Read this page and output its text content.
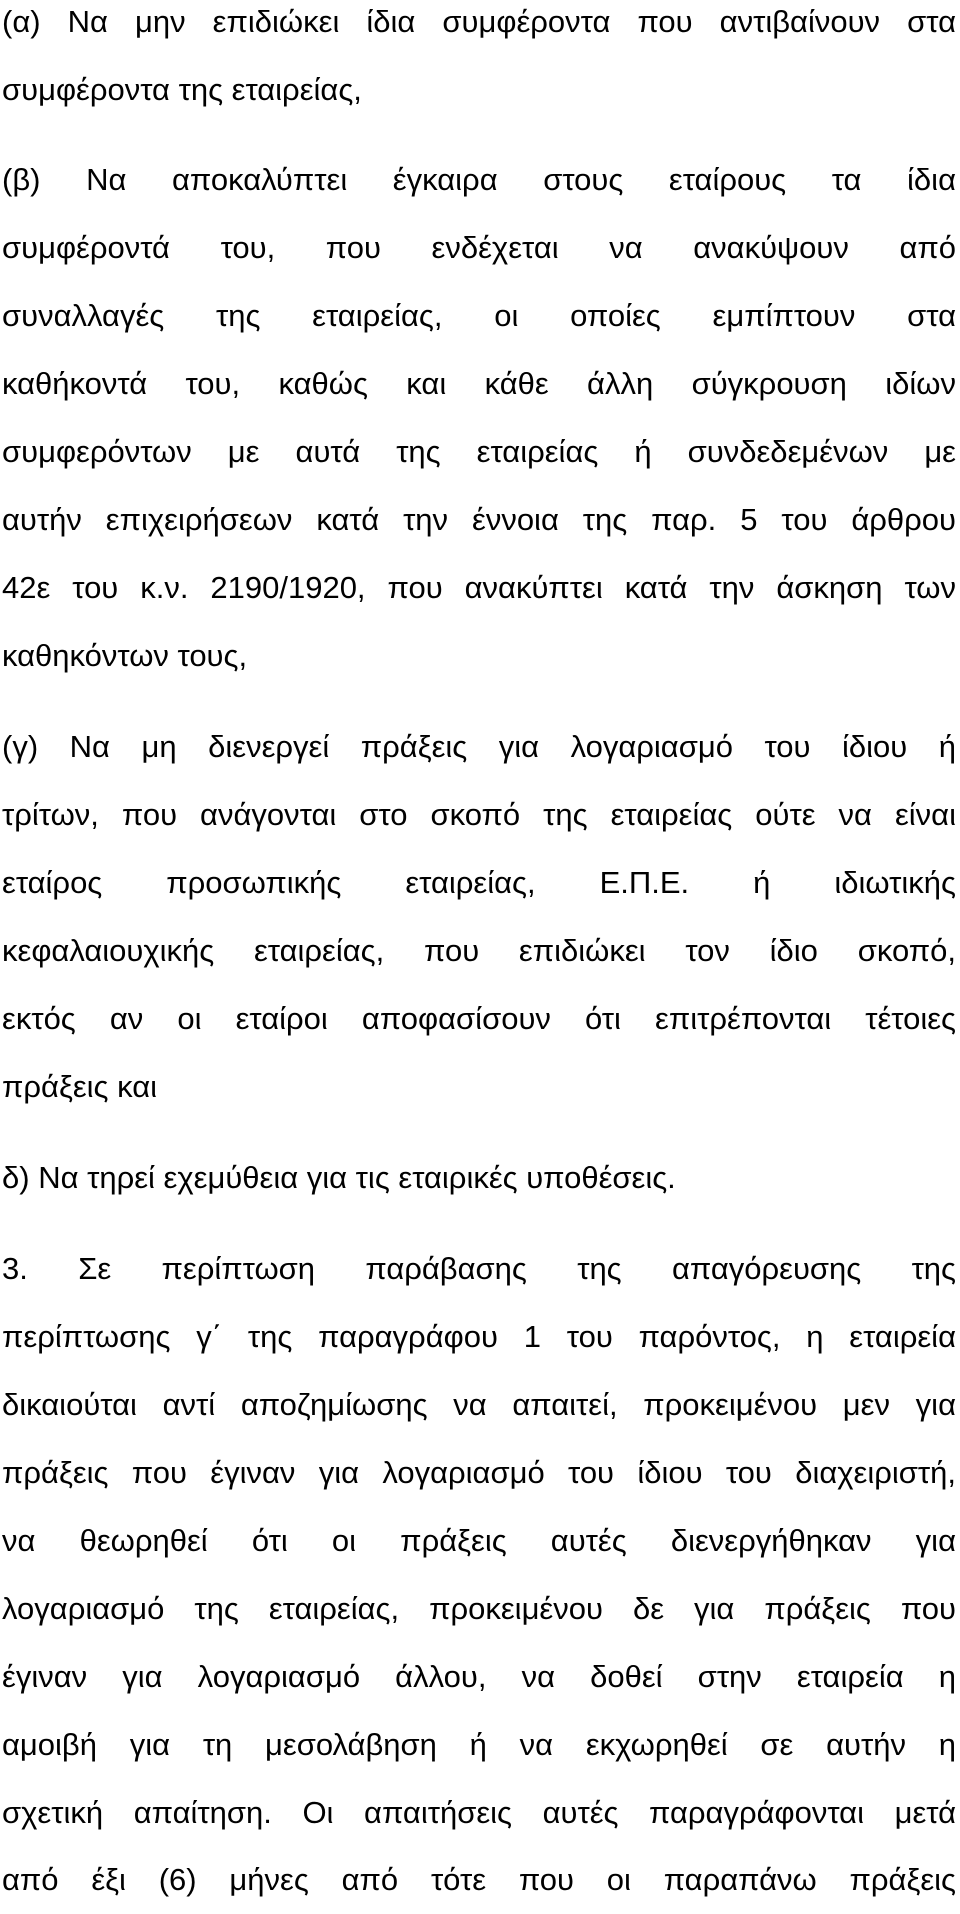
(α) Να μην επιδιώκει ίδια συμφέροντα που αντιβαίνουν στα
συμφέροντα της εταιρείας,
(β) Να αποκαλύπτει έγκαιρα στους εταίρους τα ίδια
συμφέροντά του, που ενδέχεται να ανακύψουν από
συναλλαγές της εταιρείας, οι οποίες εμπίπτουν στα
καθήκοντά του, καθώς και κάθε άλλη σύγκρουση ιδίων
συμφερόντων με αυτά της εταιρείας ή συνδεδεμένων με
αυτήν επιχειρήσεων κατά την έννοια της παρ. 5 του άρθρου
42ε του κ.ν. 2190/1920, που ανακύπτει κατά την άσκηση των
καθηκόντων τους,
(γ) Να μη διενεργεί πράξεις για λογαριασμό του ίδιου ή
τρίτων, που ανάγονται στο σκοπό της εταιρείας ούτε να είναι
εταίρος προσωπικής εταιρείας, Ε.Π.Ε. ή ιδιωτικής
κεφαλαιουχικής εταιρείας, που επιδιώκει τον ίδιο σκοπό,
εκτός αν οι εταίροι αποφασίσουν ότι επιτρέπονται τέτοιες
πράξεις και
δ) Να τηρεί εχεμύθεια για τις εταιρικές υποθέσεις.
3. Σε περίπτωση παράβασης της απαγόρευσης της
περίπτωσης γ΄ της παραγράφου 1 του παρόντος, η εταιρεία
δικαιούται αντί αποζημίωσης να απαιτεί, προκειμένου μεν για
πράξεις που έγιναν για λογαριασμό του ίδιου του διαχειριστή,
να θεωρηθεί ότι οι πράξεις αυτές διενεργήθηκαν για
λογαριασμό της εταιρείας, προκειμένου δε για πράξεις που
έγιναν για λογαριασμό άλλου, να δοθεί στην εταιρεία η
αμοιβή για τη μεσολάβηση ή να εκχωρηθεί σε αυτήν η
σχετική απαίτηση. Οι απαιτήσεις αυτές παραγράφονται μετά
από έξι (6) μήνες από τότε που οι παραπάνω πράξεις
